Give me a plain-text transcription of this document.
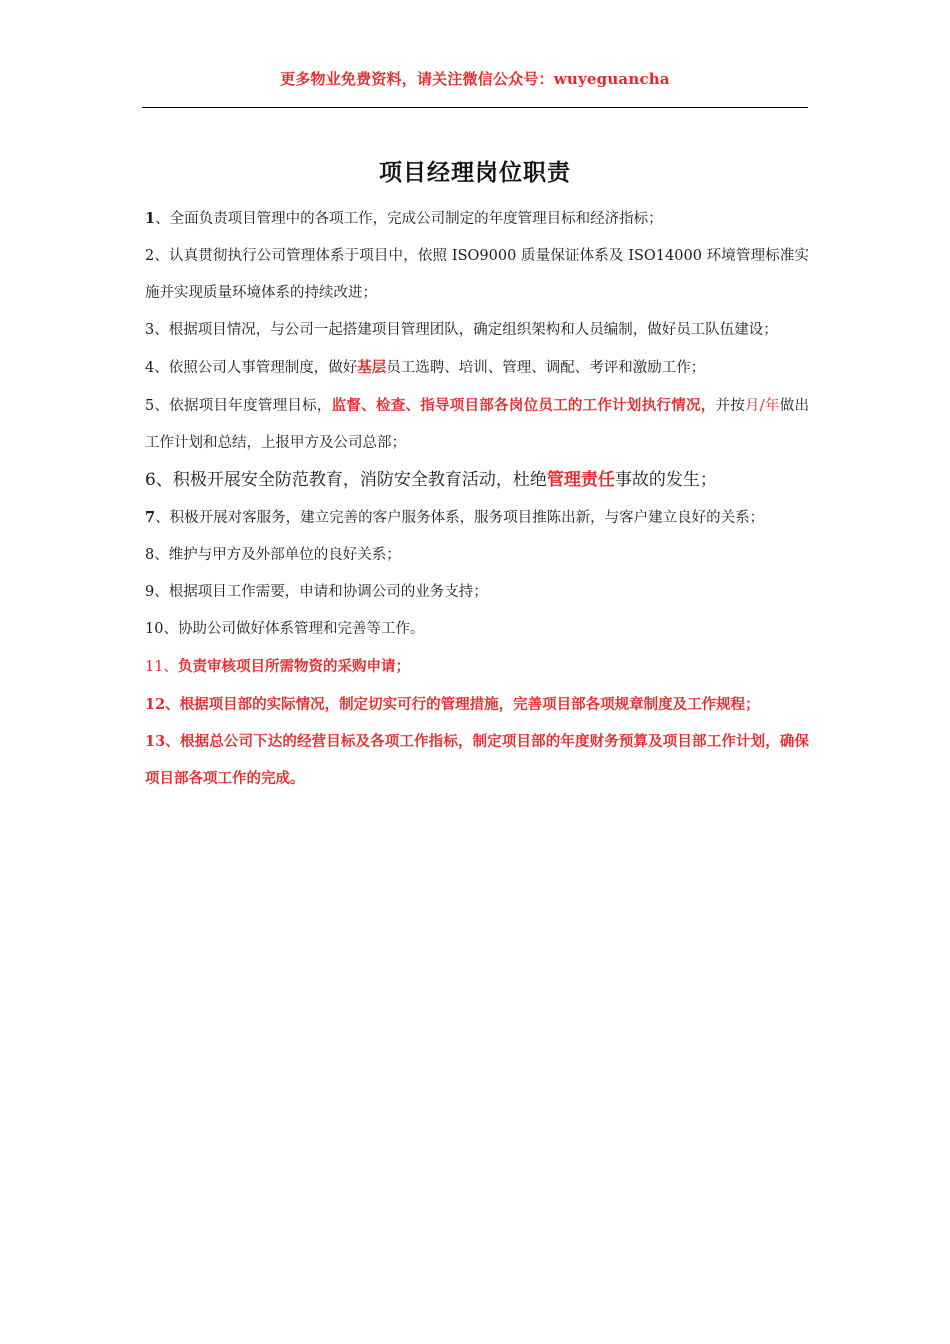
更多物业免费资料，请关注微信公众号：wuyeguancha
项目经理岗位职责

1、全面负责项目管理中的各项工作，完成公司制定的年度管理目标和经济指标；

2、认真贯彻执行公司管理体系于项目中，依照 ISO9000 质量保证体系及 ISO14000 环境管理标准实施并实现质量环境体系的持续改进；

3、根据项目情况，与公司一起搭建项目管理团队，确定组织架构和人员编制，做好员工队伍建设；

4、依照公司人事管理制度，做好基层员工选聘、培训、管理、调配、考评和激励工作；

5、依据项目年度管理目标，监督、检查、指导项目部各岗位员工的工作计划执行情况，并按月/年做出工作计划和总结，上报甲方及公司总部；

6、积极开展安全防范教育，消防安全教育活动，杜绝管理责任事故的发生；

7、积极开展对客服务，建立完善的客户服务体系，服务项目推陈出新，与客户建立良好的关系；

8、维护与甲方及外部单位的良好关系；

9、根据项目工作需要，申请和协调公司的业务支持；

10、协助公司做好体系管理和完善等工作。

11、负责审核项目所需物资的采购申请；

12、根据项目部的实际情况，制定切实可行的管理措施，完善项目部各项规章制度及工作规程；

13、根据总公司下达的经营目标及各项工作指标，制定项目部的年度财务预算及项目部工作计划，确保项目部各项工作的完成。
